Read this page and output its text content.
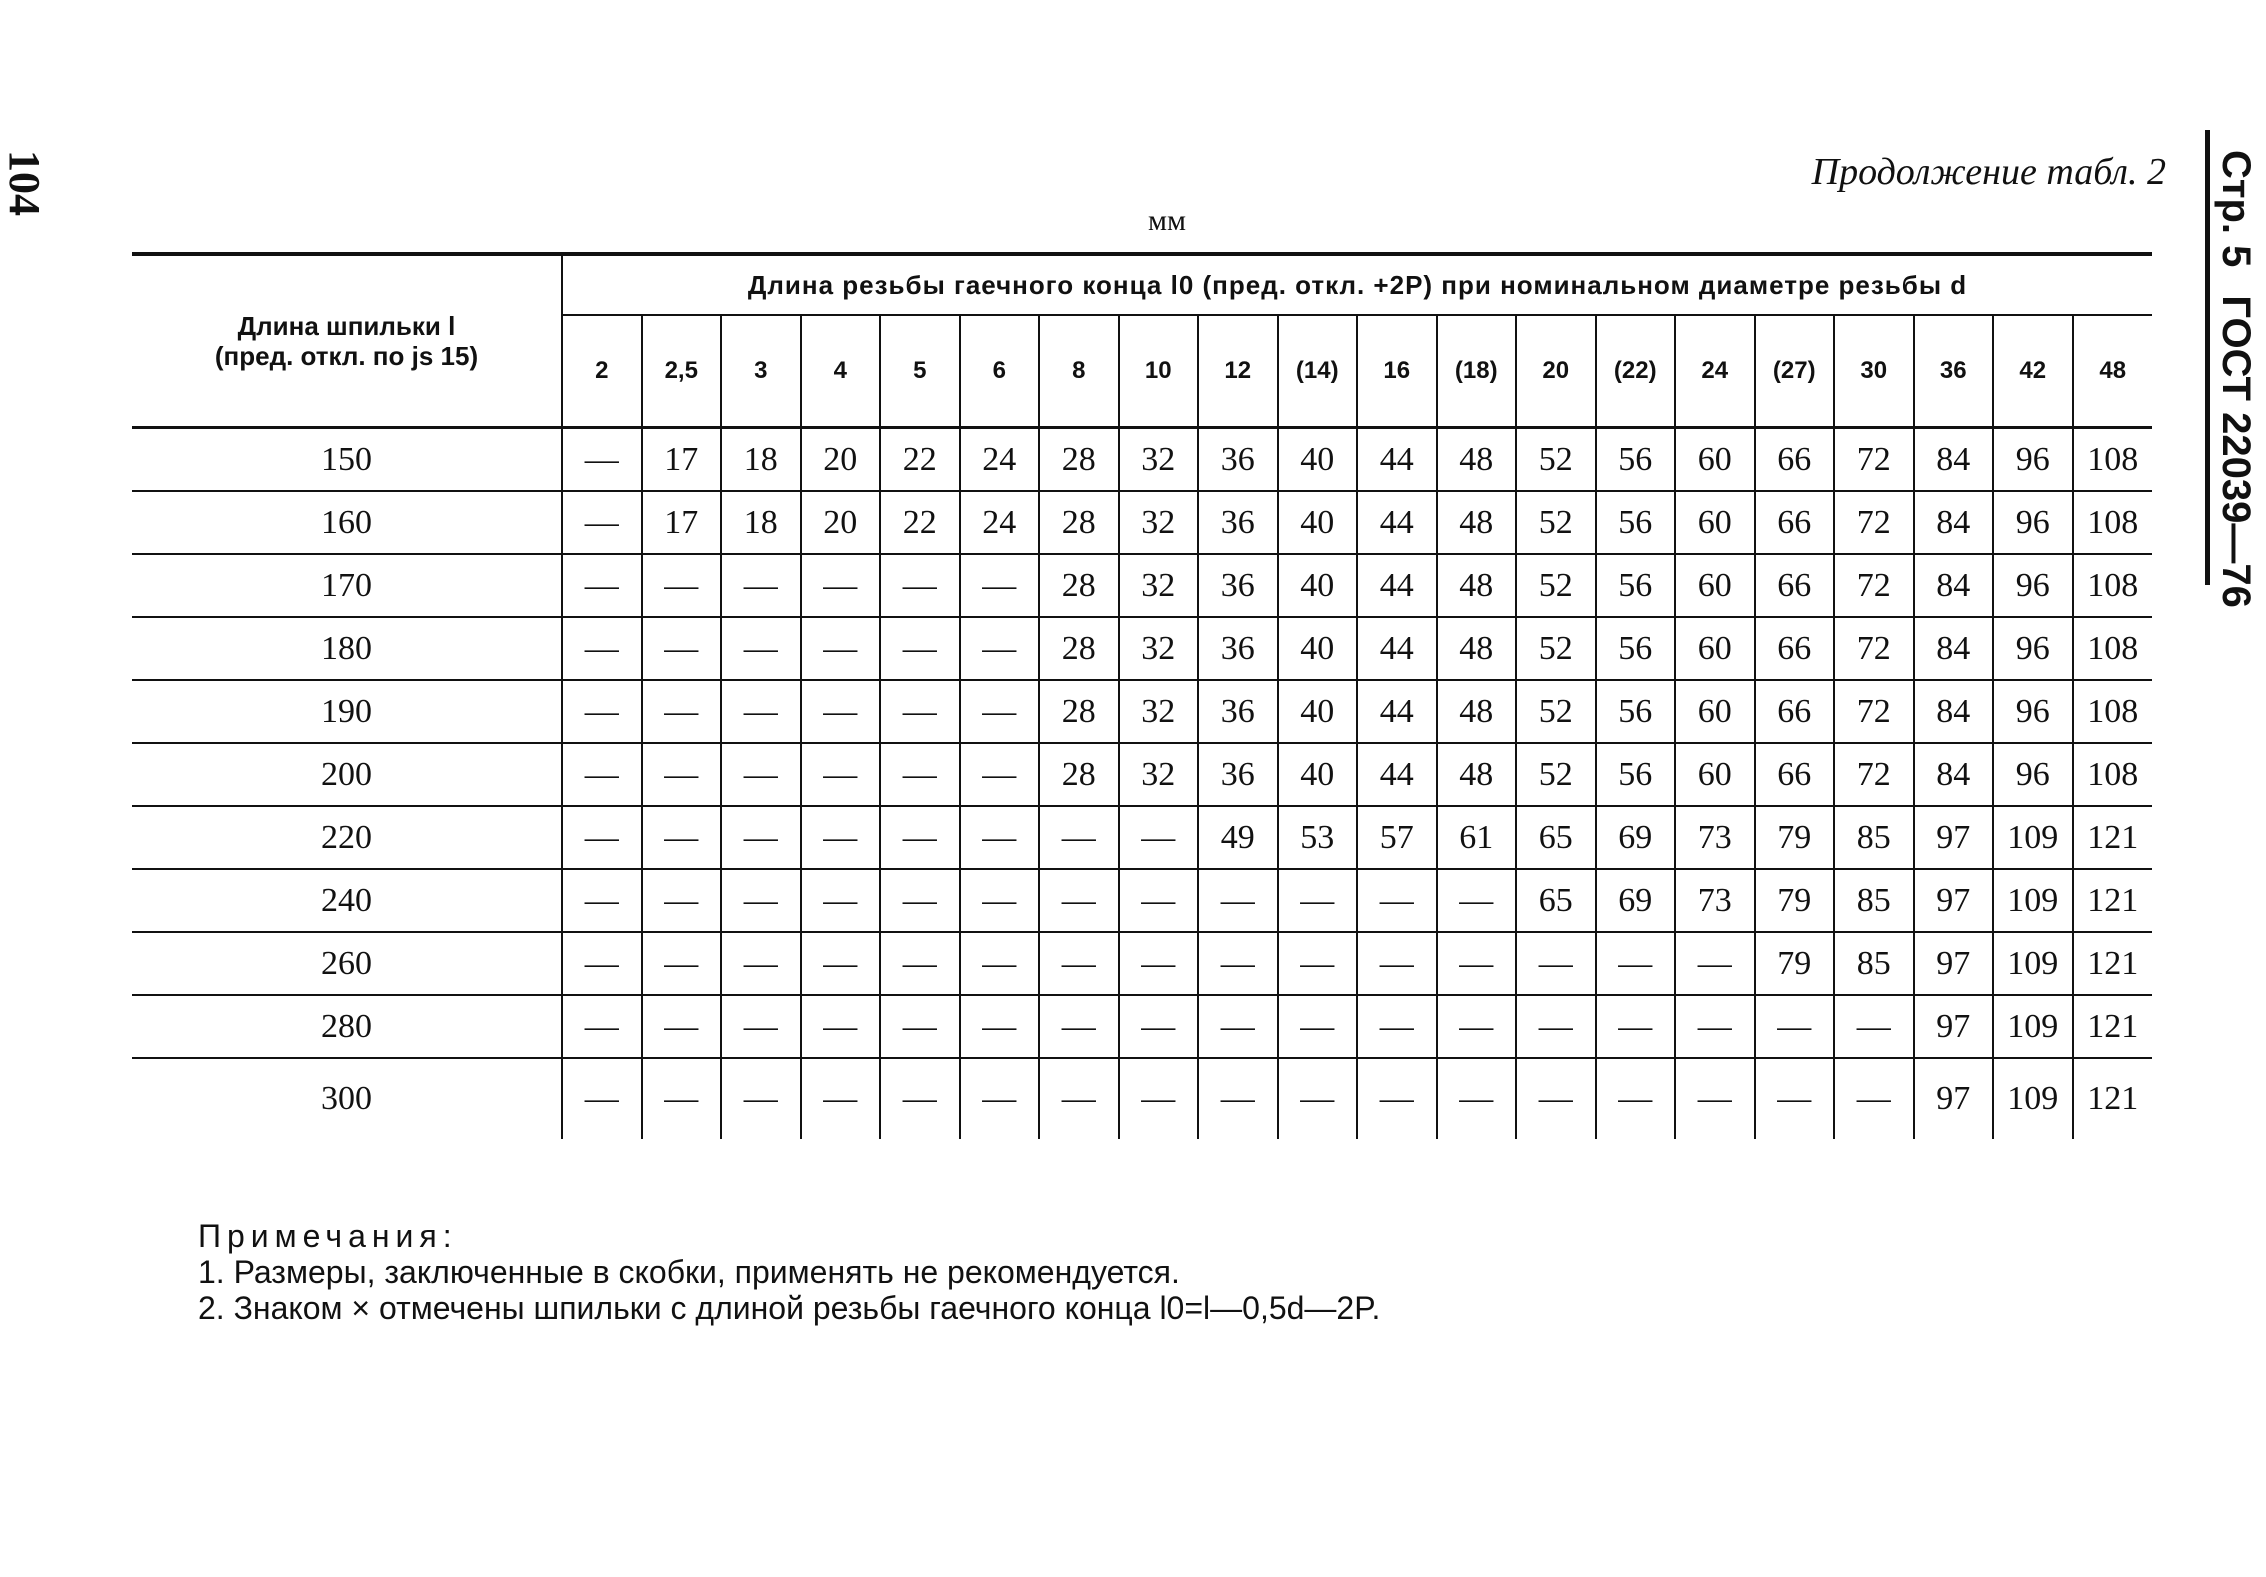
104	Стр. 5
ГОСТ 22039—76
Продолжение табл. 2
мм
Длина шпильки l
(пред. откл. по js 15)	Длина резьбы гаечного конца l0 (пред. откл. +2P) при номинальном диаметре резьбы d																			
	2	2,5	3	4	5	6	8	10	12	(14)	16	(18)	20	(22)	24	(27)	30	36	42	48
150	—	17	18	20	22	24	28	32	36	40	44	48	52	56	60	66	72	84	96	108
160	—	17	18	20	22	24	28	32	36	40	44	48	52	56	60	66	72	84	96	108
170	—	—	—	—	—	—	28	32	36	40	44	48	52	56	60	66	72	84	96	108
180	—	—	—	—	—	—	28	32	36	40	44	48	52	56	60	66	72	84	96	108
190	—	—	—	—	—	—	28	32	36	40	44	48	52	56	60	66	72	84	96	108
200	—	—	—	—	—	—	28	32	36	40	44	48	52	56	60	66	72	84	96	108
220	—	—	—	—	—	—	—	—	49	53	57	61	65	69	73	79	85	97	109	121
240	—	—	—	—	—	—	—	—	—	—	—	—	65	69	73	79	85	97	109	121
260	—	—	—	—	—	—	—	—	—	—	—	—	—	—	—	79	85	97	109	121
280	—	—	—	—	—	—	—	—	—	—	—	—	—	—	—	—	—	97	109	121
300	—	—	—	—	—	—	—	—	—	—	—	—	—	—	—	—	—	97	109	121
Примечания:
1. Размеры, заключенные в скобки, применять не рекомендуется.
2. Знаком × отмечены шпильки с длиной резьбы гаечного конца l0=l—0,5d—2P.
